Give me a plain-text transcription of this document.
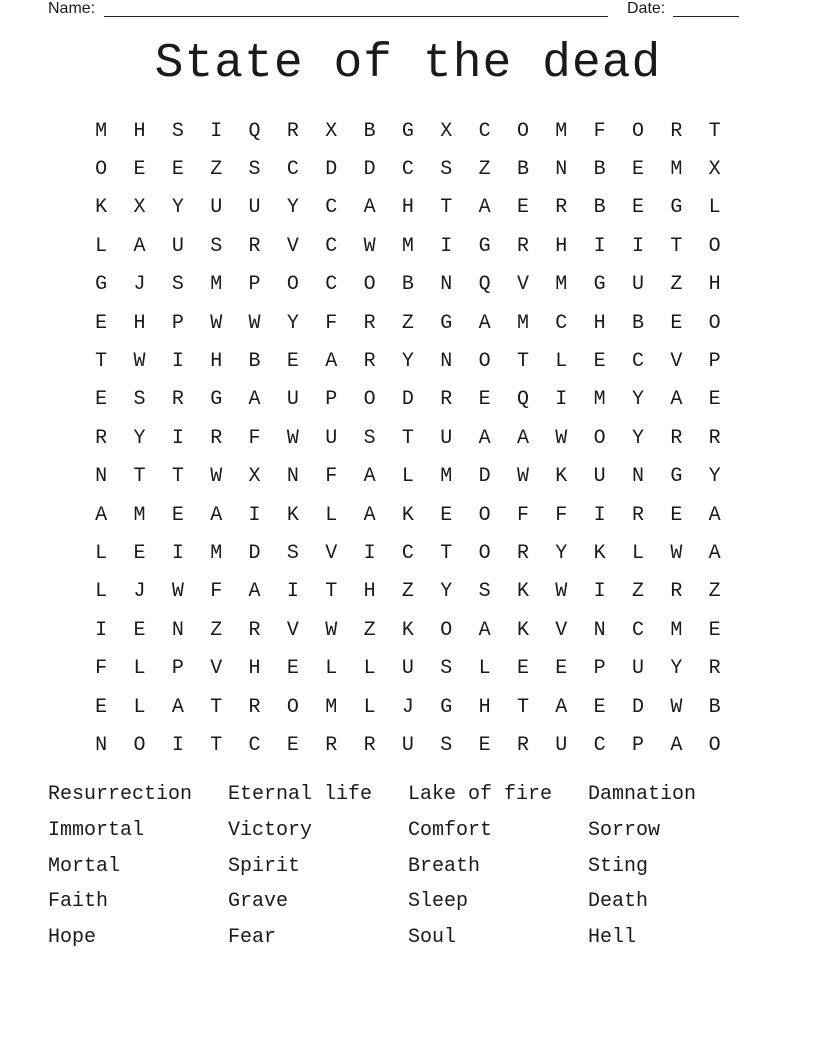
Name:	Date:
State of the dead
M	H	S	I	Q	R	X	B	G	X	C	O	M	F	O	R	T
O	E	E	Z	S	C	D	D	C	S	Z	B	N	B	E	M	X
K	X	Y	U	U	Y	C	A	H	T	A	E	R	B	E	G	L
L	A	U	S	R	V	C	W	M	I	G	R	H	I	I	T	O
G	J	S	M	P	O	C	O	B	N	Q	V	M	G	U	Z	H
E	H	P	W	W	Y	F	R	Z	G	A	M	C	H	B	E	O
T	W	I	H	B	E	A	R	Y	N	O	T	L	E	C	V	P
E	S	R	G	A	U	P	O	D	R	E	Q	I	M	Y	A	E
R	Y	I	R	F	W	U	S	T	U	A	A	W	O	Y	R	R
N	T	T	W	X	N	F	A	L	M	D	W	K	U	N	G	Y
A	M	E	A	I	K	L	A	K	E	O	F	F	I	R	E	A
L	E	I	M	D	S	V	I	C	T	O	R	Y	K	L	W	A
L	J	W	F	A	I	T	H	Z	Y	S	K	W	I	Z	R	Z
I	E	N	Z	R	V	W	Z	K	O	A	K	V	N	C	M	E
F	L	P	V	H	E	L	L	U	S	L	E	E	P	U	Y	R
E	L	A	T	R	O	M	L	J	G	H	T	A	E	D	W	B
N	O	I	T	C	E	R	R	U	S	E	R	U	C	P	A	O
Resurrection	Eternal life	Lake of fire	Damnation
Immortal	Victory	Comfort	Sorrow
Mortal	Spirit	Breath	Sting
Faith	Grave	Sleep	Death
Hope	Fear	Soul	Hell
